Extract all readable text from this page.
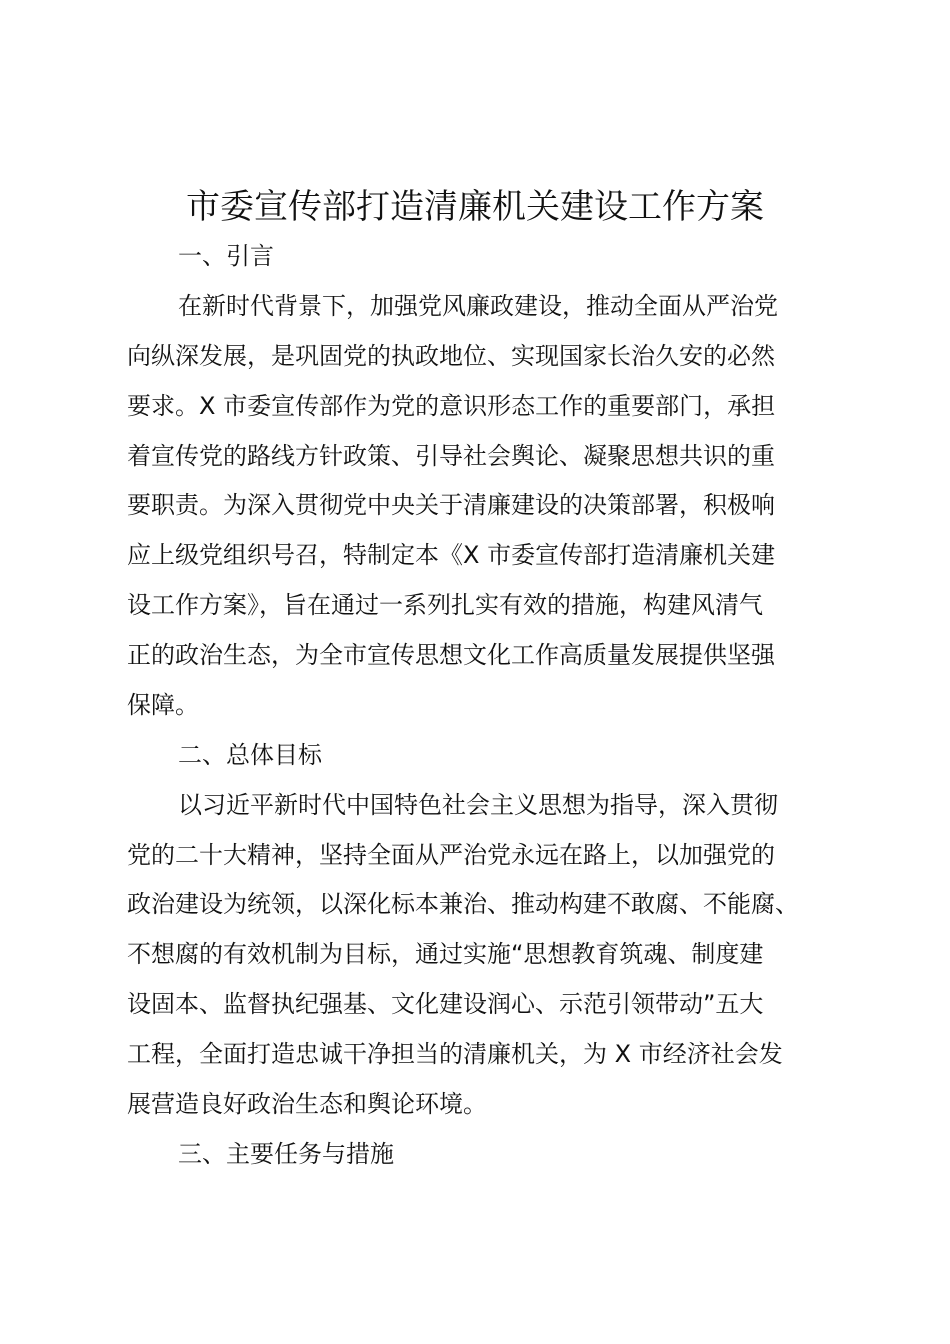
市委宣传部打造清廉机关建设工作方案
一、引言
在新时代背景下，加强党风廉政建设，推动全面从严治党
向纵深发展，是巩固党的执政地位、实现国家长治久安的必然
要求。X 市委宣传部作为党的意识形态工作的重要部门，承担
着宣传党的路线方针政策、引导社会舆论、凝聚思想共识的重
要职责。为深入贯彻党中央关于清廉建设的决策部署，积极响
应上级党组织号召，特制定本《X 市委宣传部打造清廉机关建
设工作方案》，旨在通过一系列扎实有效的措施，构建风清气
正的政治生态，为全市宣传思想文化工作高质量发展提供坚强
保障。
二、总体目标
以习近平新时代中国特色社会主义思想为指导，深入贯彻
党的二十大精神，坚持全面从严治党永远在路上，以加强党的
政治建设为统领，以深化标本兼治、推动构建不敢腐、不能腐、
不想腐的有效机制为目标，通过实施“思想教育筑魂、制度建
设固本、监督执纪强基、文化建设润心、示范引领带动”五大
工程，全面打造忠诚干净担当的清廉机关，为 X 市经济社会发
展营造良好政治生态和舆论环境。
三、主要任务与措施
